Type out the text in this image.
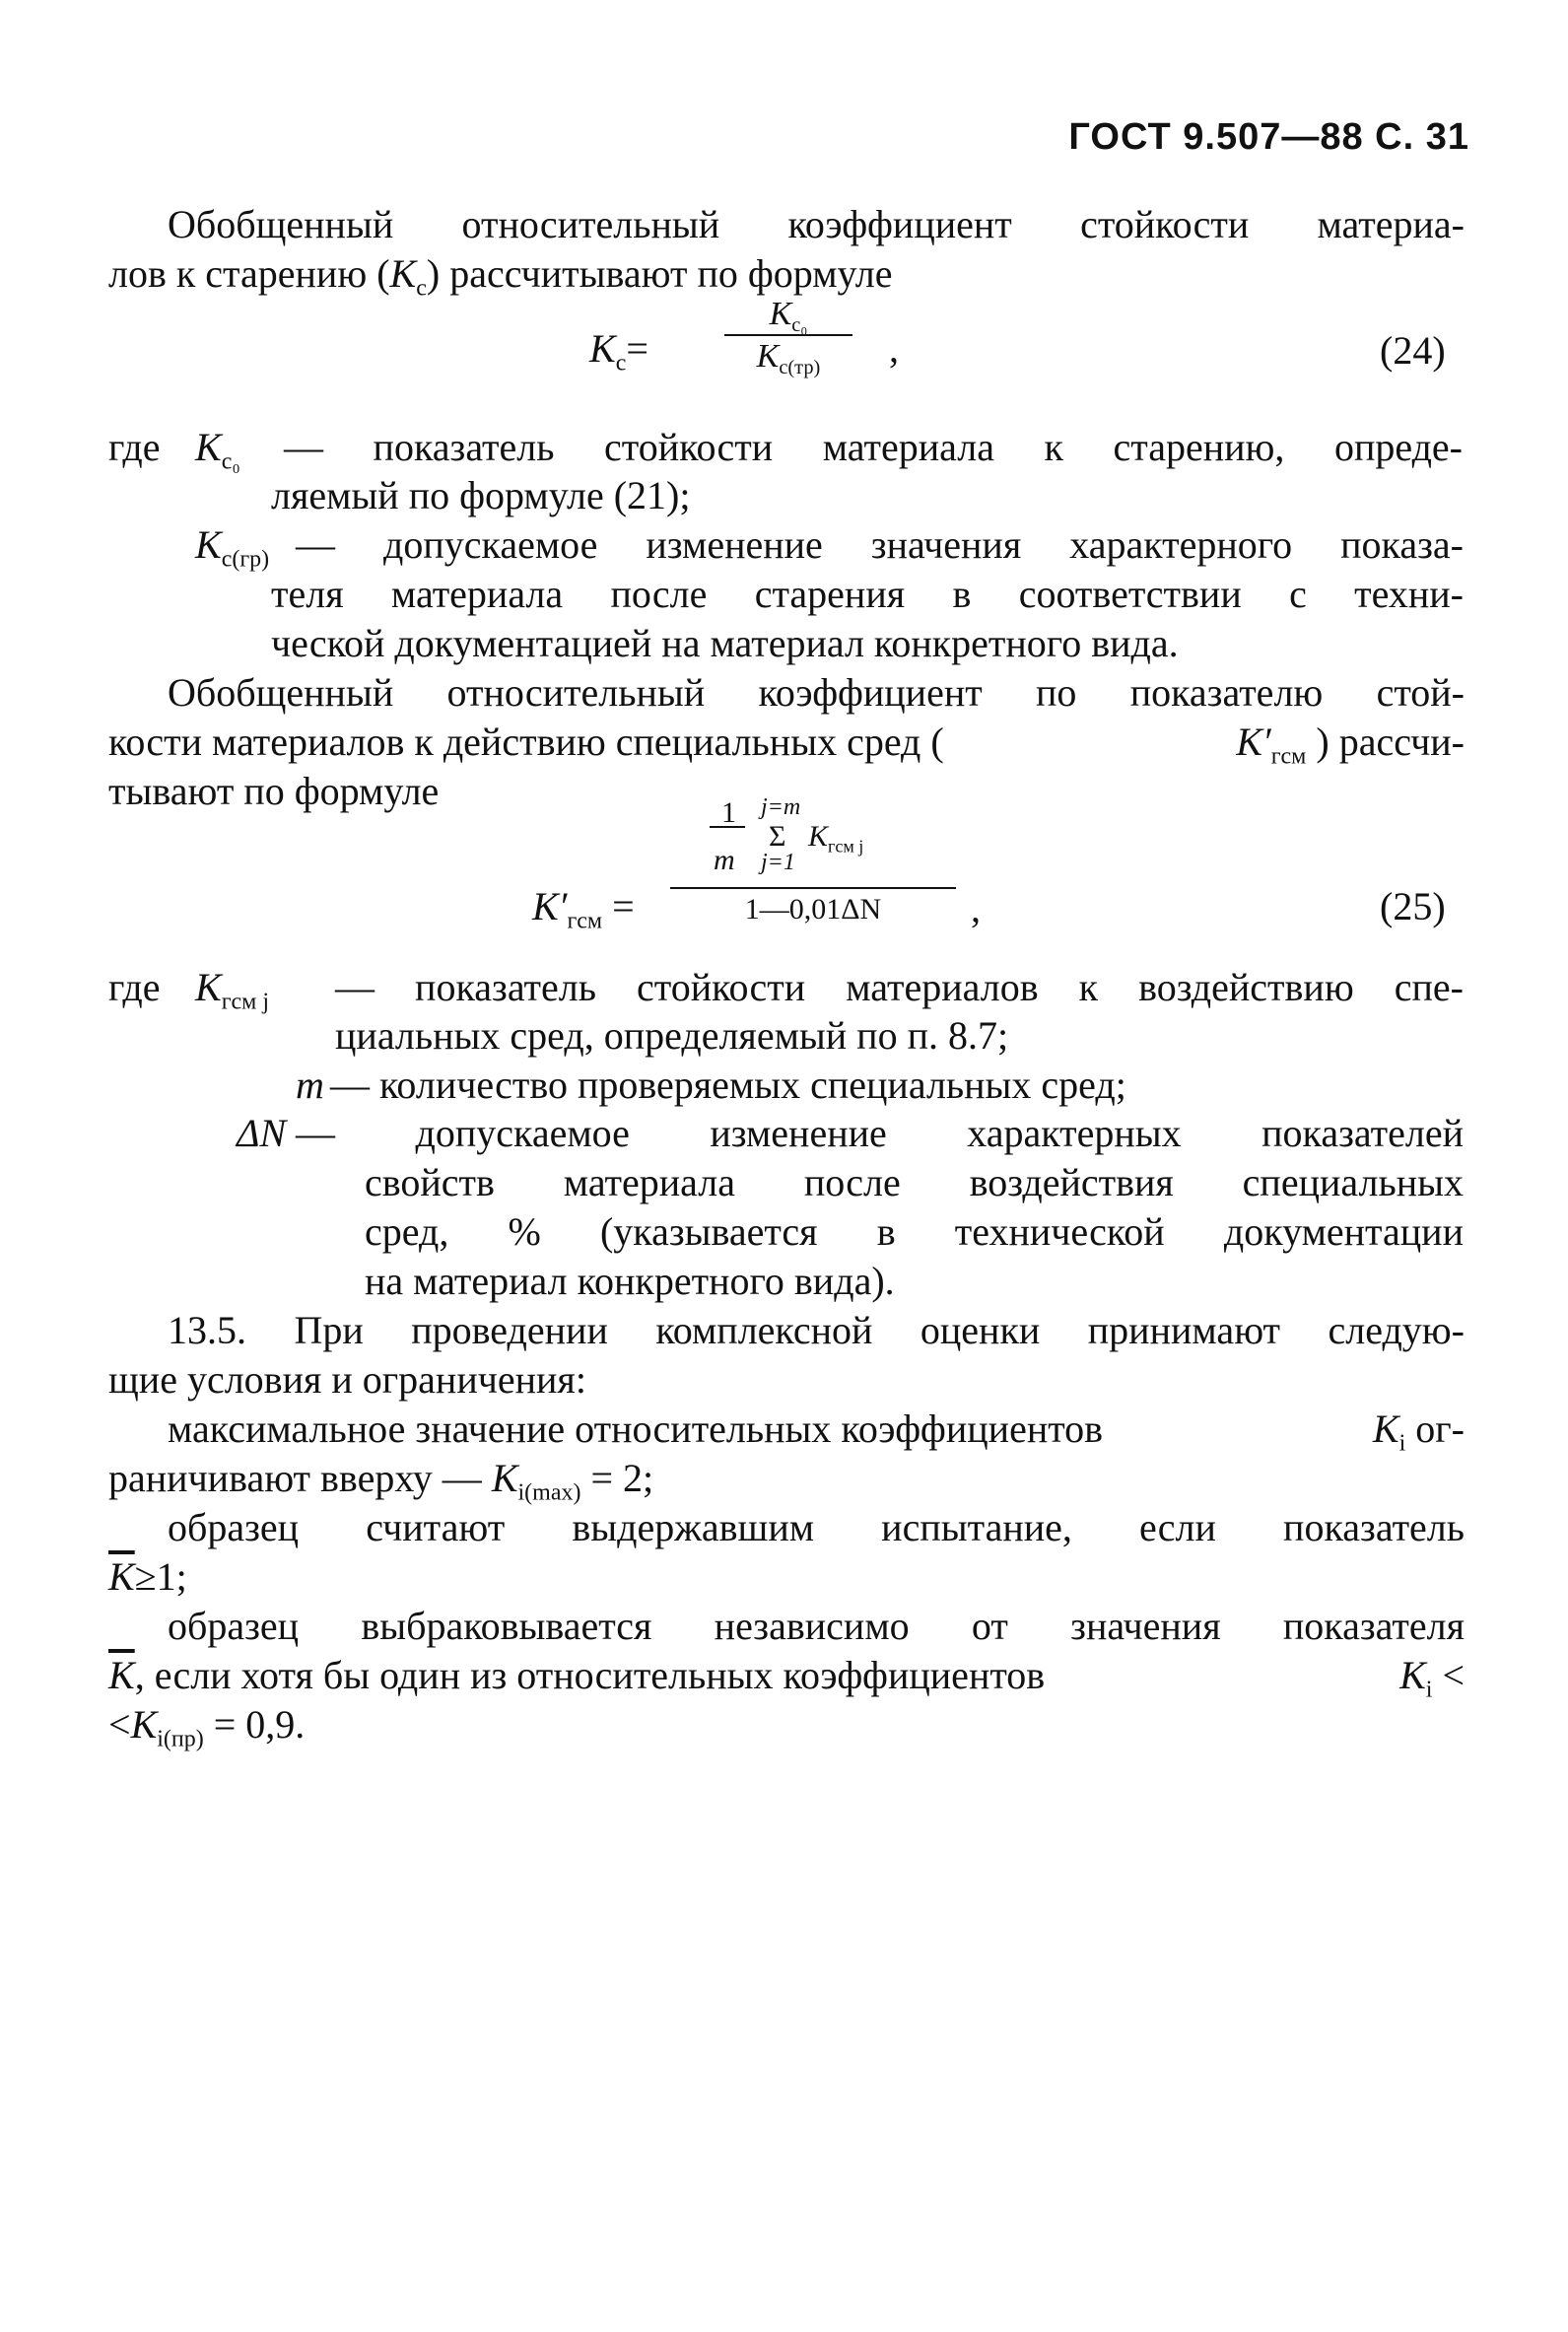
ГОСТ 9.507—88 С. 31
Обобщенный относительный коэффициент стойкости материа-
лов к старению $(K_с)$ рассчитывают по формуле
$K_с=$
$K_{с_0}$
$K_{с(тр)}$	,	(24)
где $K_{с_0}$ — показатель стойкости материала к старению, опреде-
ляемый по формуле (21);
$K_{с(гр)}$ — допускаемое изменение значения характерного показа-
теля материала после старения в соответствии с техни-
ческой документацией на материал конкретного вида.
Обобщенный относительный коэффициент по показателю стой-
кости материалов к действию специальных сред (	$K'_{гсм}$ ) рассчи-
тывают по формуле
$K'_{гсм}$ =
1 j=m
Σ $K_{гсм j}$
m j=1
1—0,01ΔN	,	(25)
где $K_{гсм j}$ — показатель стойкости материалов к воздействию спе-
циальных сред, определяемый по п. 8.7;
m — количество проверяемых специальных сред;
ΔN — допускаемое изменение характерных показателей
свойств материала после воздействия специальных
сред, % (указывается в технической документации
на материал конкретного вида).
13.5. При проведении комплексной оценки принимают следую-
щие условия и ограничения:
максимальное значение относительных коэффициентов	$K_i$ ог-
раничивают вверху — $K_{i(max)} = 2$;
образец считают выдержавшим испытание, если показатель
$\overline{K}\ge 1$;
образец выбраковывается независимо от значения показателя
$\overline{K}$, если хотя бы один из относительных коэффициентов	$K_i$ <
$<K_{i(пр)} = 0,9$.
